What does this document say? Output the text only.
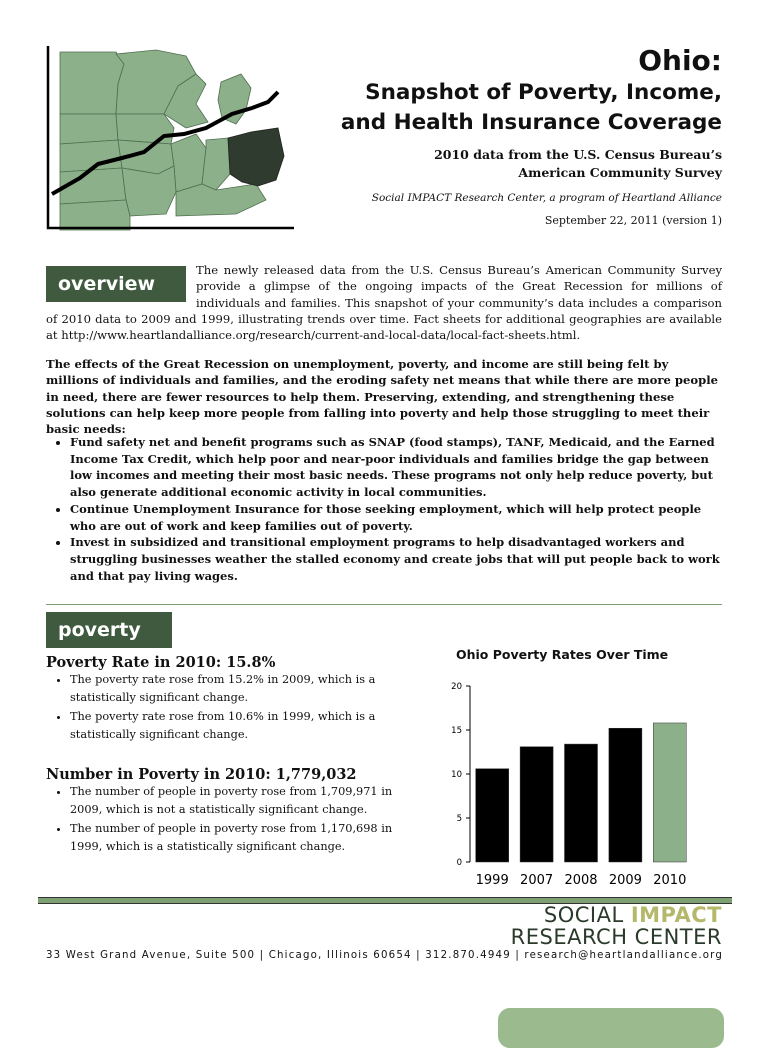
Ohio:

Snapshot of Poverty, Income,

and Health Insurance Coverage

2010 data from the U.S. Census Bureau’s
American Community Survey
Social IMPACT Research Center, a program of Heartland Alliance
September 22, 2011 (version 1)
overview

The newly released data from the U.S. Census Bureau’s American Community Survey provide a glimpse of the ongoing impacts of the Great Recession for millions of individuals and families. This snapshot of your community’s data includes a comparison of 2010 data to 2009 and 1999, illustrating trends over time. Fact sheets for additional geographies are available at http://www.heartlandalliance.org/research/current-and-local-data/local-fact-sheets.html.

The effects of the Great Recession on unemployment, poverty, and income are still being felt by millions of individuals and families, and the eroding safety net means that while there are more people in need, there are fewer resources to help them. Preserving, extending, and strengthening these solutions can help keep more people from falling into poverty and help those struggling to meet their basic needs:

• Fund safety net and benefit programs such as SNAP (food stamps), TANF, Medicaid, and the Earned Income Tax Credit, which help poor and near-poor individuals and families bridge the gap between low incomes and meeting their most basic needs. These programs not only help reduce poverty, but also generate additional economic activity in local communities.
• Continue Unemployment Insurance for those seeking employment, which will help protect people who are out of work and keep families out of poverty.
• Invest in subsidized and transitional employment programs to help disadvantaged workers and struggling businesses weather the stalled economy and create jobs that will put people back to work and that pay living wages.
poverty

Poverty Rate in 2010: 15.8%

• The poverty rate rose from 15.2% in 2009, which is a statistically significant change.
• The poverty rate rose from 10.6% in 1999, which is a statistically significant change.

Number in Poverty in 2010: 1,779,032

• The number of people in poverty rose from 1,709,971 in 2009, which is not a statistically significant change.
• The number of people in poverty rose from 1,170,698 in 1999, which is a statistically significant change.
Ohio Poverty Rates Over Time
0
5
10
15
20
1999 2007 2008 2009 2010
SOCIAL IMPACT
RESEARCH CENTER
33 West Grand Avenue, Suite 500 | Chicago, Illinois 60654 | 312.870.4949 | research@heartlandalliance.org
